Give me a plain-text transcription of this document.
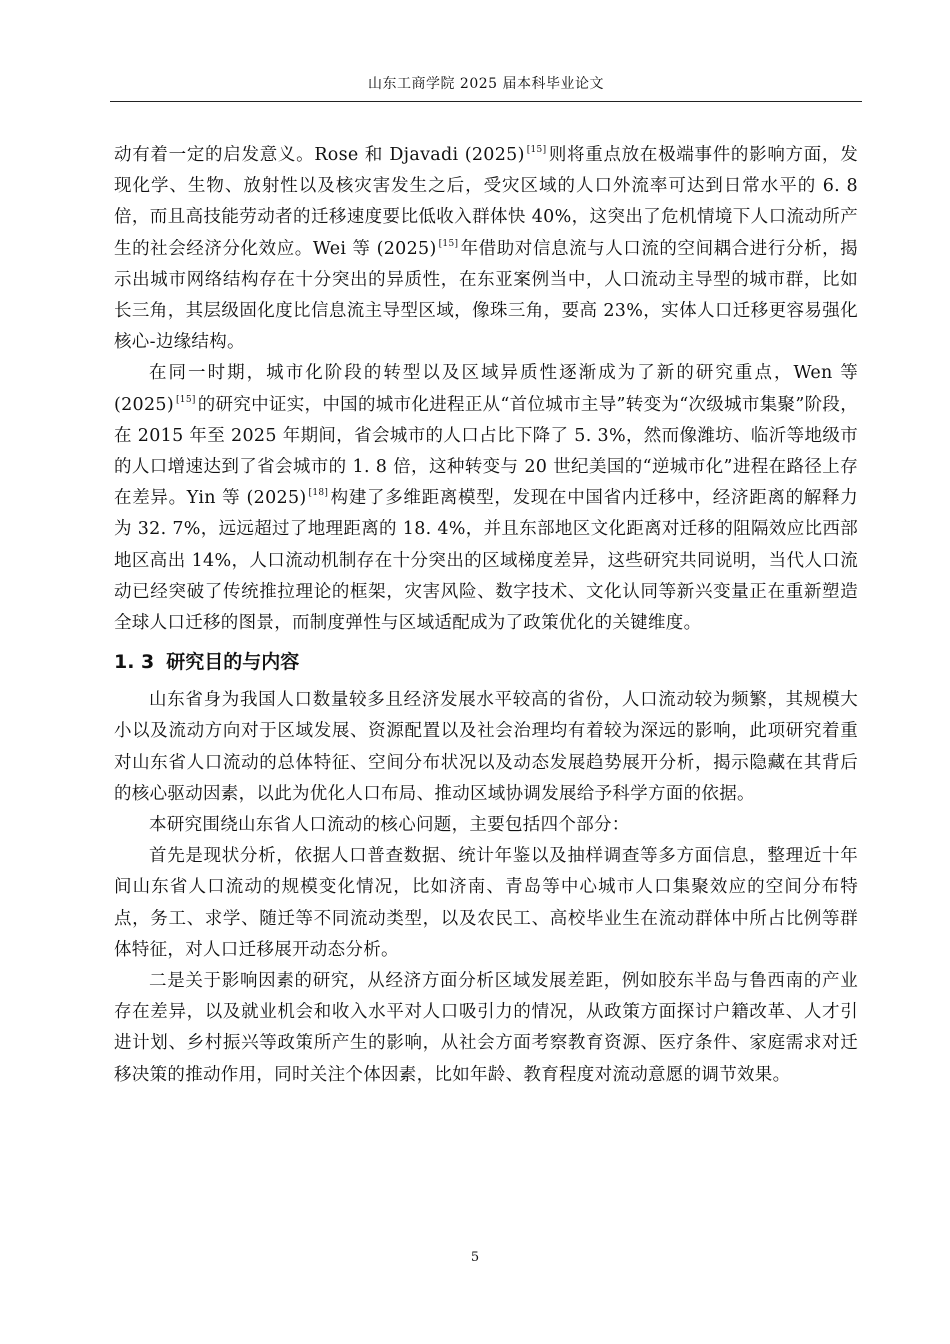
山东工商学院 2025 届本科毕业论文

动有着一定的启发意义。Rose 和 Djavadi (2025) [15] 则将重点放在极端事件的影响方面，发现化学、生物、放射性以及核灾害发生之后，受灾区域的人口外流率可达到日常水平的 6. 8 倍，而且高技能劳动者的迁移速度要比低收入群体快 40%，这突出了危机情境下人口流动所产生的社会经济分化效应。Wei 等 (2025) [15] 年借助对信息流与人口流的空间耦合进行分析，揭示出城市网络结构存在十分突出的异质性，在东亚案例当中，人口流动主导型的城市群，比如长三角，其层级固化度比信息流主导型区域，像珠三角，要高 23%，实体人口迁移更容易强化核心-边缘结构。

在同一时期，城市化阶段的转型以及区域异质性逐渐成为了新的研究重点，Wen 等 (2025) [15] 的研究中证实，中国的城市化进程正从“首位城市主导”转变为“次级城市集聚”阶段，在 2015 年至 2025 年期间，省会城市的人口占比下降了 5. 3%，然而像潍坊、临沂等地级市的人口增速达到了省会城市的 1. 8 倍，这种转变与 20 世纪美国的“逆城市化”进程在路径上存在差异。Yin 等 (2025) [18] 构建了多维距离模型，发现在中国省内迁移中，经济距离的解释力为 32. 7%，远远超过了地理距离的 18. 4%，并且东部地区文化距离对迁移的阻隔效应比西部地区高出 14%，人口流动机制存在十分突出的区域梯度差异，这些研究共同说明，当代人口流动已经突破了传统推拉理论的框架，灾害风险、数字技术、文化认同等新兴变量正在重新塑造全球人口迁移的图景，而制度弹性与区域适配成为了政策优化的关键维度。

1. 3 研究目的与内容

山东省身为我国人口数量较多且经济发展水平较高的省份，人口流动较为频繁，其规模大小以及流动方向对于区域发展、资源配置以及社会治理均有着较为深远的影响，此项研究着重对山东省人口流动的总体特征、空间分布状况以及动态发展趋势展开分析，揭示隐藏在其背后的核心驱动因素，以此为优化人口布局、推动区域协调发展给予科学方面的依据。

本研究围绕山东省人口流动的核心问题，主要包括四个部分：

首先是现状分析，依据人口普查数据、统计年鉴以及抽样调查等多方面信息，整理近十年间山东省人口流动的规模变化情况，比如济南、青岛等中心城市人口集聚效应的空间分布特点，务工、求学、随迁等不同流动类型，以及农民工、高校毕业生在流动群体中所占比例等群体特征，对人口迁移展开动态分析。

二是关于影响因素的研究，从经济方面分析区域发展差距，例如胶东半岛与鲁西南的产业存在差异，以及就业机会和收入水平对人口吸引力的情况，从政策方面探讨户籍改革、人才引进计划、乡村振兴等政策所产生的影响，从社会方面考察教育资源、医疗条件、家庭需求对迁移决策的推动作用，同时关注个体因素，比如年龄、教育程度对流动意愿的调节效果。

5
